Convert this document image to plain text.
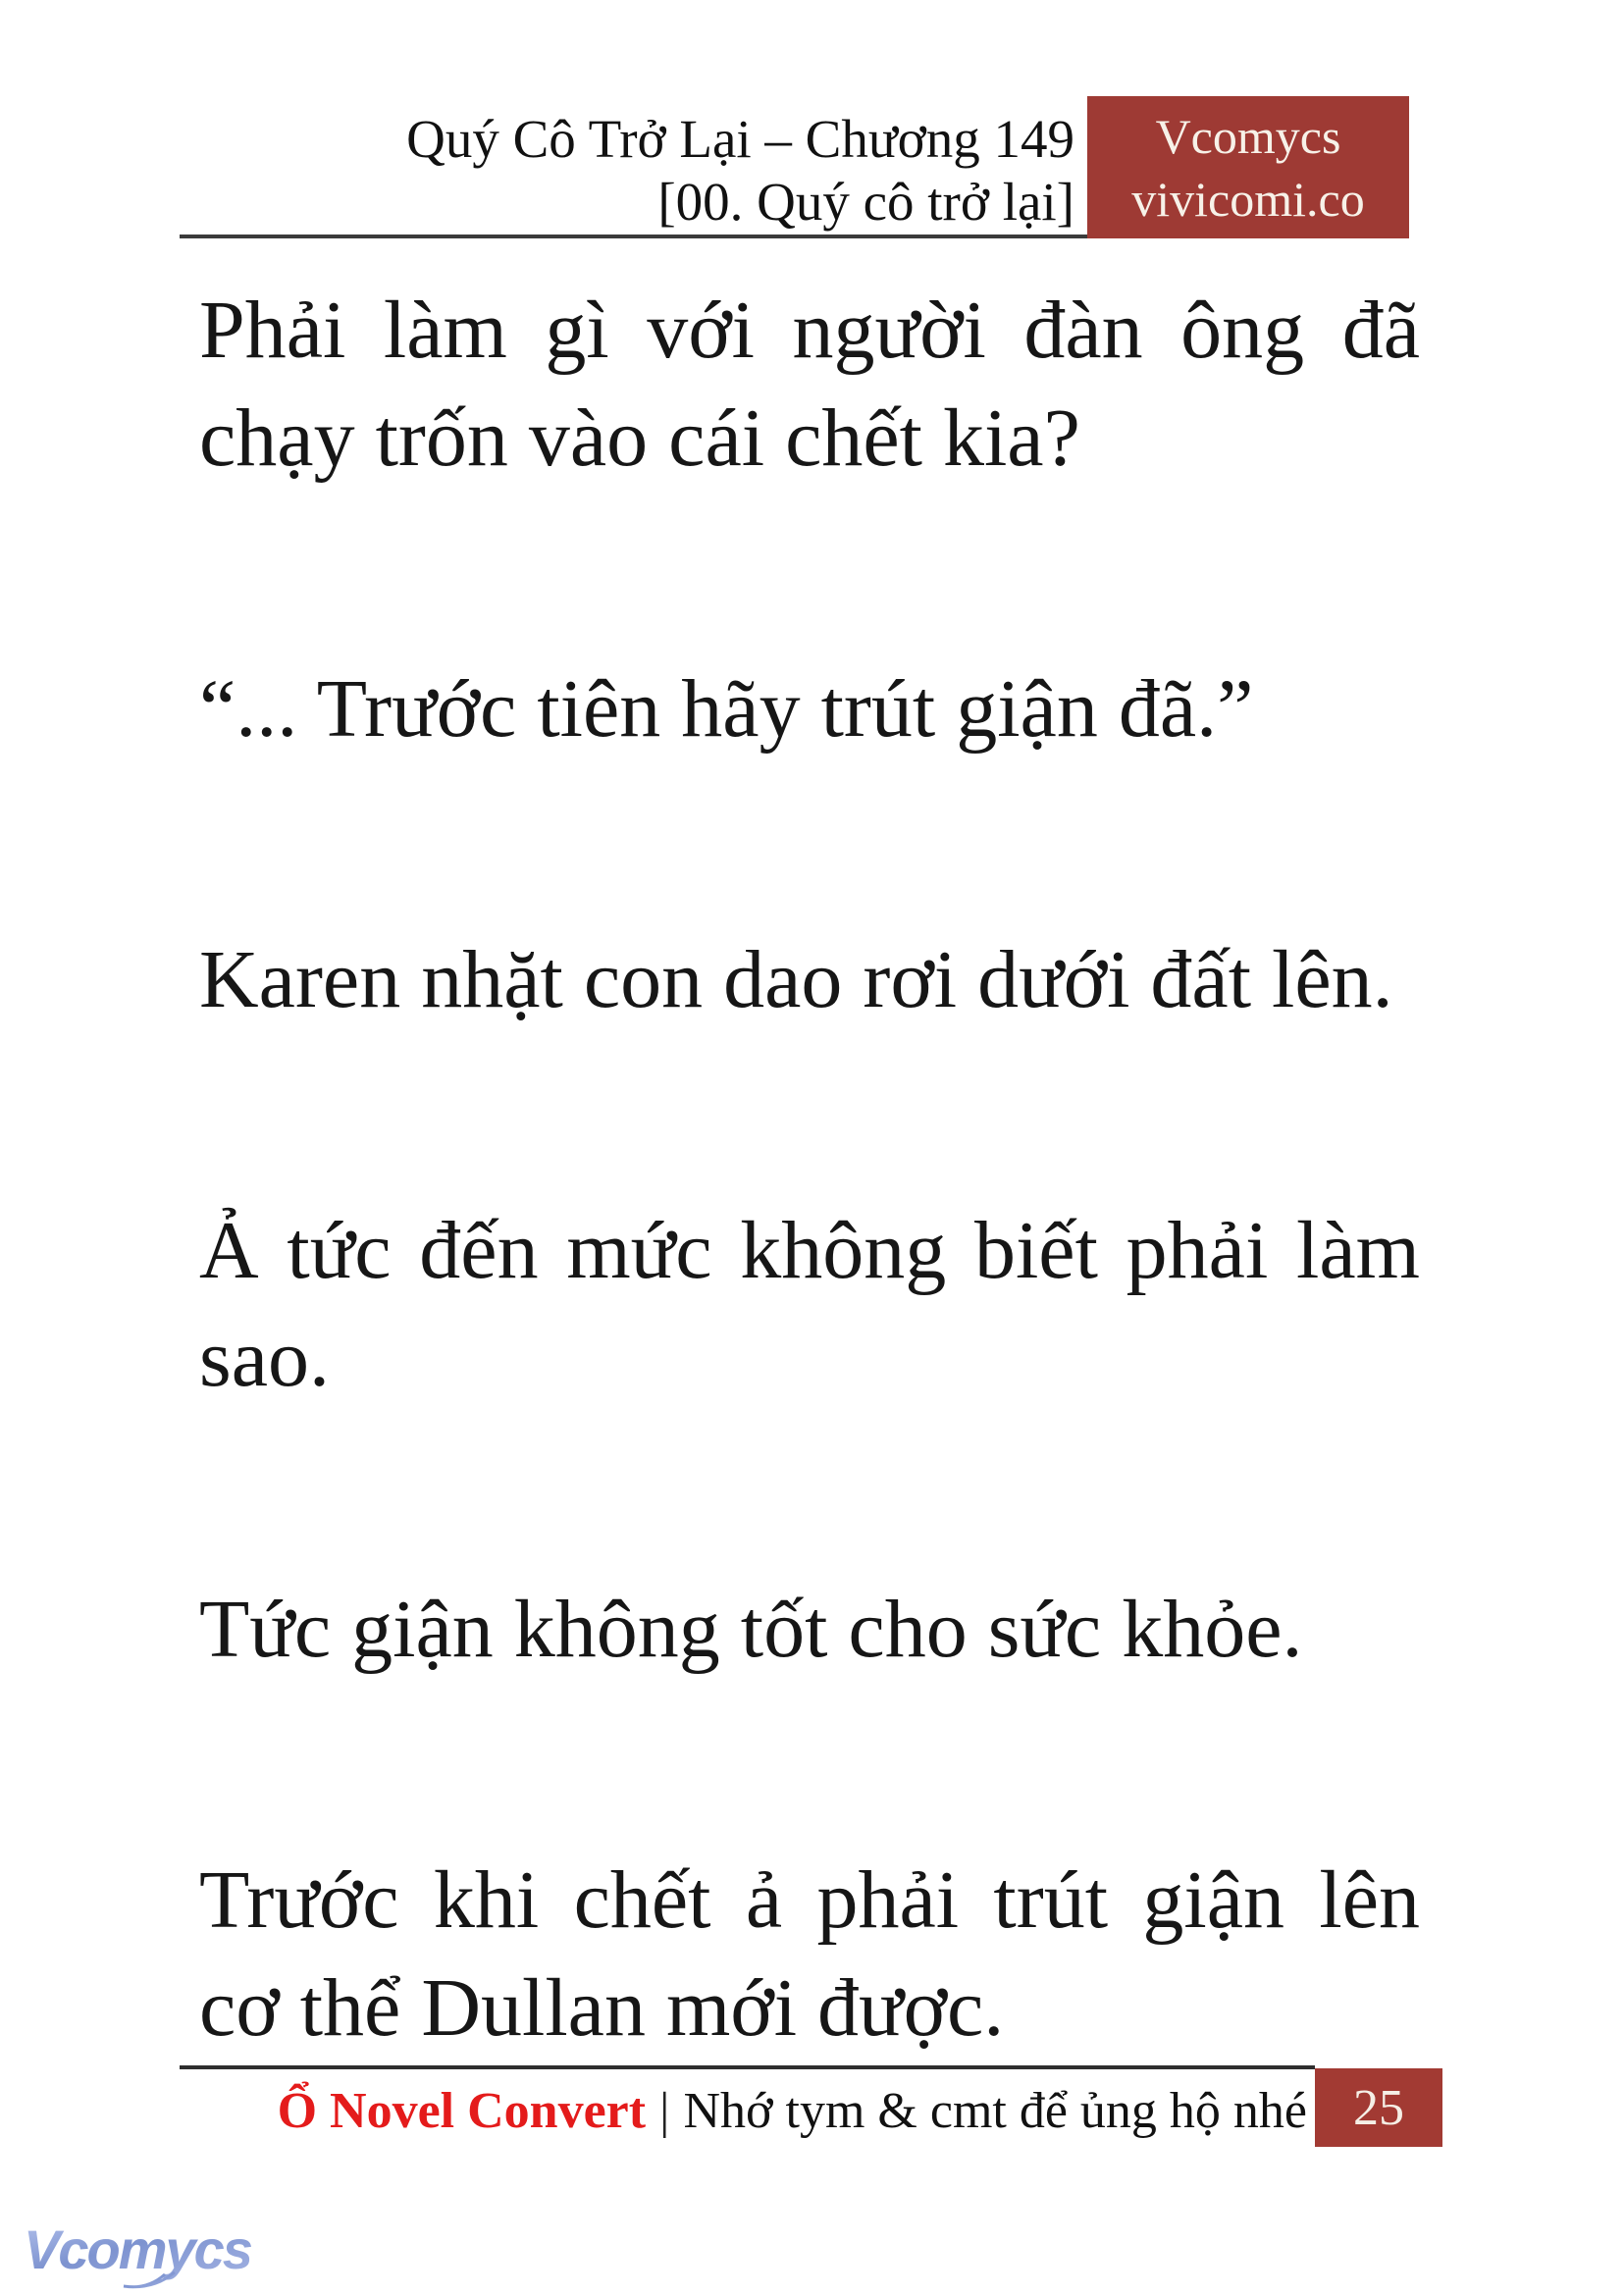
Quý Cô Trở Lại – Chương 149
[00. Quý cô trở lại]
Vcomycs
vivicomi.co

Phải làm gì với người đàn ông đã chạy trốn vào cái chết kia?

“... Trước tiên hãy trút giận đã.”

Karen nhặt con dao rơi dưới đất lên.

Ả tức đến mức không biết phải làm sao.

Tức giận không tốt cho sức khỏe.

Trước khi chết ả phải trút giận lên cơ thể Dullan mới được.

Ổ Novel Convert | Nhớ tym & cmt để ủng hộ nhé 25
Vcomycs
